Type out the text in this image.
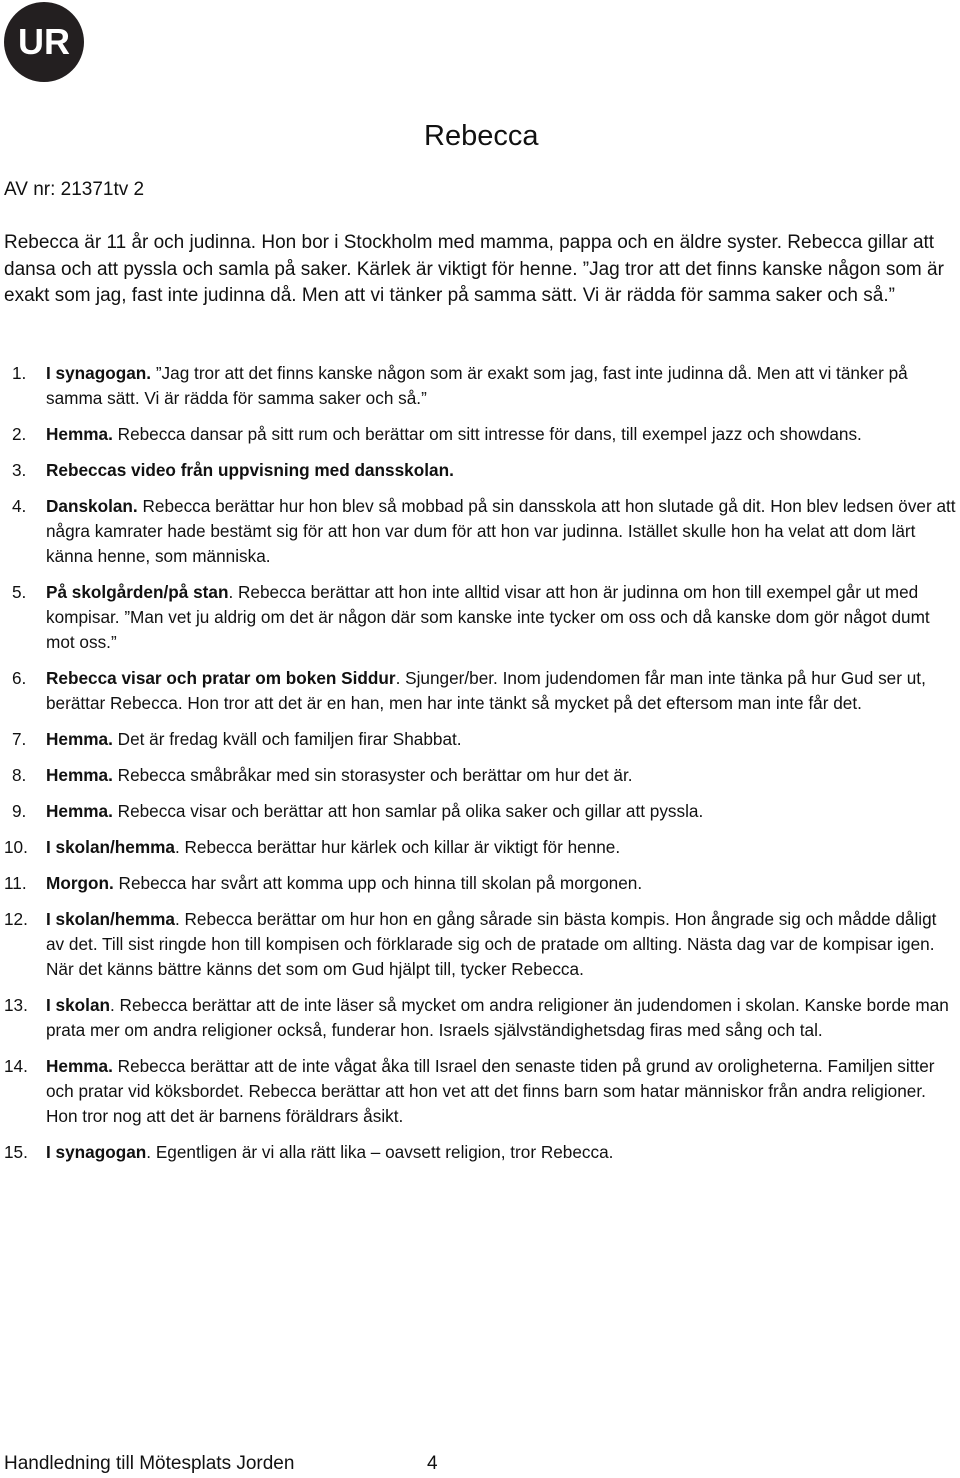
UR
Rebecca
AV nr: 21371tv 2

Rebecca är 11 år och judinna. Hon bor i Stockholm med mamma, pappa och en äldre syster. Rebecca gillar att dansa och att pyssla och samla på saker. Kärlek är viktigt för henne. ”Jag tror att det finns kanske någon som är exakt som jag, fast inte judinna då. Men att vi tänker på samma sätt. Vi är rädda för samma saker och så.”

1.	I synagogan. ”Jag tror att det finns kanske någon som är exakt som jag, fast inte judinna då. Men att vi tänker på samma sätt. Vi är rädda för samma saker och så.”
2.	Hemma. Rebecca dansar på sitt rum och berättar om sitt intresse för dans, till exempel jazz och showdans.
3.	Rebeccas video från uppvisning med dansskolan.
4.	Danskolan. Rebecca berättar hur hon blev så mobbad på sin dansskola att hon slutade gå dit. Hon blev ledsen över att några kamrater hade bestämt sig för att hon var dum för att hon var judinna. Istället skulle hon ha velat att dom lärt känna henne, som människa.
5.	På skolgården/på stan. Rebecca berättar att hon inte alltid visar att hon är judinna om hon till exempel går ut med kompisar. ”Man vet ju aldrig om det är någon där som kanske inte tycker om oss och då kanske dom gör något dumt mot oss.”
6.	Rebecca visar och pratar om boken Siddur. Sjunger/ber. Inom judendomen får man inte tänka på hur Gud ser ut, berättar Rebecca. Hon tror att det är en han, men har inte tänkt så mycket på det eftersom man inte får det.
7.	Hemma. Det är fredag kväll och familjen firar Shabbat.
8.	Hemma. Rebecca småbråkar med sin storasyster och berättar om hur det är.
9.	Hemma. Rebecca visar och berättar att hon samlar på olika saker och gillar att pyssla.
10.	I skolan/hemma. Rebecca berättar hur kärlek och killar är viktigt för henne.
11.	Morgon. Rebecca har svårt att komma upp och hinna till skolan på morgonen.
12.	I skolan/hemma. Rebecca berättar om hur hon en gång sårade sin bästa kompis. Hon ångrade sig och mådde dåligt av det. Till sist ringde hon till kompisen och förklarade sig och de pratade om allting. Nästa dag var de kompisar igen. När det känns bättre känns det som om Gud hjälpt till, tycker Rebecca.
13.	I skolan. Rebecca berättar att de inte läser så mycket om andra religioner än judendomen i skolan. Kanske borde man prata mer om andra religioner också, funderar hon. Israels självständighetsdag firas med sång och tal.
14.	Hemma. Rebecca berättar att de inte vågat åka till Israel den senaste tiden på grund av oroligheterna. Familjen sitter och pratar vid köksbordet. Rebecca berättar att hon vet att det finns barn som hatar människor från andra religioner. Hon tror nog att det är barnens föräldrars åsikt.
15.	I synagogan. Egentligen är vi alla rätt lika – oavsett religion, tror Rebecca.
Handledning till Mötesplats Jorden	4
